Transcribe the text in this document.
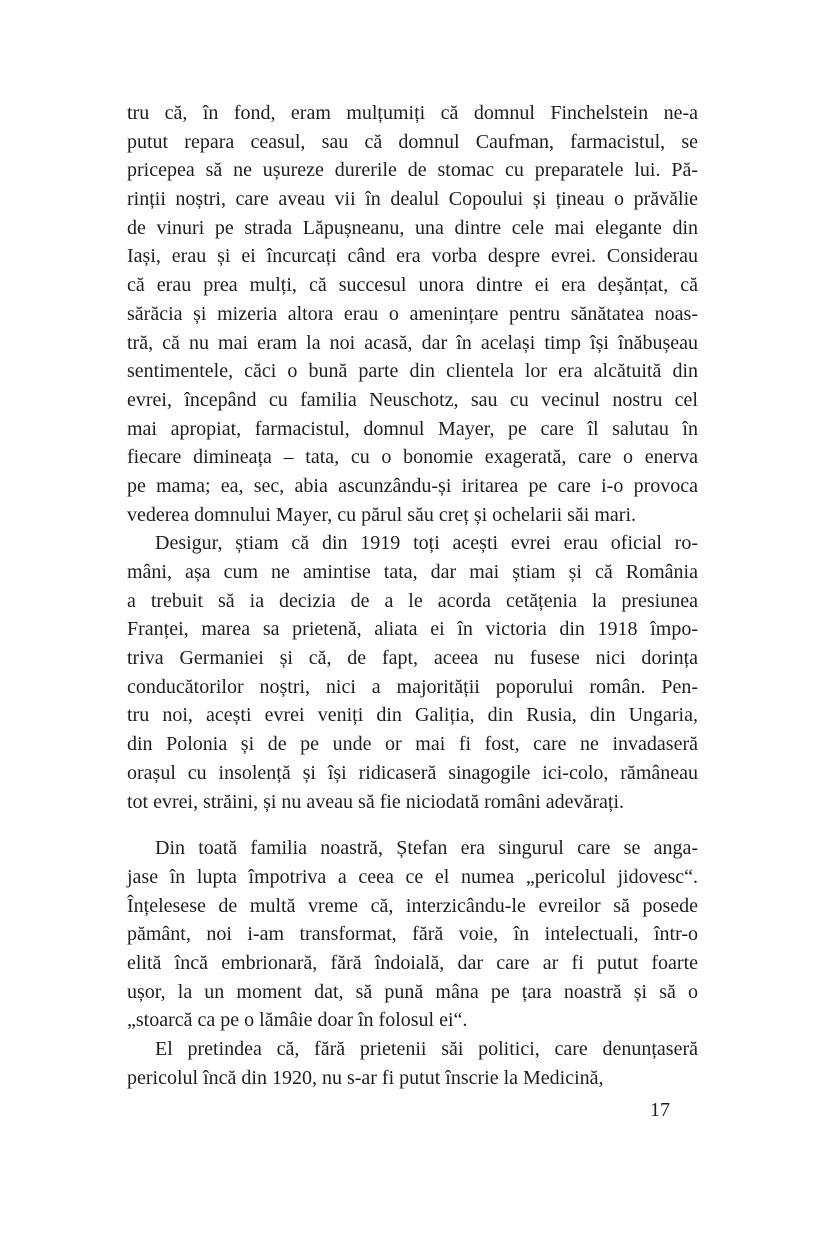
tru că, în fond, eram mulțumiți că domnul Finchelstein ne-a
putut repara ceasul, sau că domnul Caufman, farmacistul, se
pricepea să ne ușureze durerile de stomac cu preparatele lui. Pă-
rinții noștri, care aveau vii în dealul Copoului și țineau o prăvălie
de vinuri pe strada Lăpușneanu, una dintre cele mai elegante din
Iași, erau și ei încurcați când era vorba despre evrei. Considerau
că erau prea mulți, că succesul unora dintre ei era deșănțat, că
sărăcia și mizeria altora erau o amenințare pentru sănătatea noas-
tră, că nu mai eram la noi acasă, dar în același timp își înăbușeau
sentimentele, căci o bună parte din clientela lor era alcătuită din
evrei, începând cu familia Neuschotz, sau cu vecinul nostru cel
mai apropiat, farmacistul, domnul Mayer, pe care îl salutau în
fiecare dimineața – tata, cu o bonomie exagerată, care o enerva
pe mama; ea, sec, abia ascunzându-și iritarea pe care i-o provoca
vederea domnului Mayer, cu părul său creț și ochelarii săi mari.
Desigur, știam că din 1919 toți acești evrei erau oficial ro-
mâni, așa cum ne amintise tata, dar mai știam și că România
a trebuit să ia decizia de a le acorda cetățenia la presiunea
Franței, marea sa prietenă, aliata ei în victoria din 1918 împo-
triva Germaniei și că, de fapt, aceea nu fusese nici dorința
conducătorilor noștri, nici a majorității poporului român. Pen-
tru noi, acești evrei veniți din Galiția, din Rusia, din Ungaria,
din Polonia și de pe unde or mai fi fost, care ne invadaseră
orașul cu insolență și își ridicaseră sinagogile ici-colo, rămâneau
tot evrei, străini, și nu aveau să fie niciodată români adevărați.
Din toată familia noastră, Ștefan era singurul care se anga-
jase în lupta împotriva a ceea ce el numea „pericolul jidovesc“.
Înțelesese de multă vreme că, interzicându-le evreilor să posede
pământ, noi i-am transformat, fără voie, în intelectuali, într-o
elită încă embrionară, fără îndoială, dar care ar fi putut foarte
ușor, la un moment dat, să pună mâna pe țara noastră și să o
„stoarcă ca pe o lămâie doar în folosul ei“.
El pretindea că, fără prietenii săi politici, care denunțaseră
pericolul încă din 1920, nu s-ar fi putut înscrie la Medicină,
17
